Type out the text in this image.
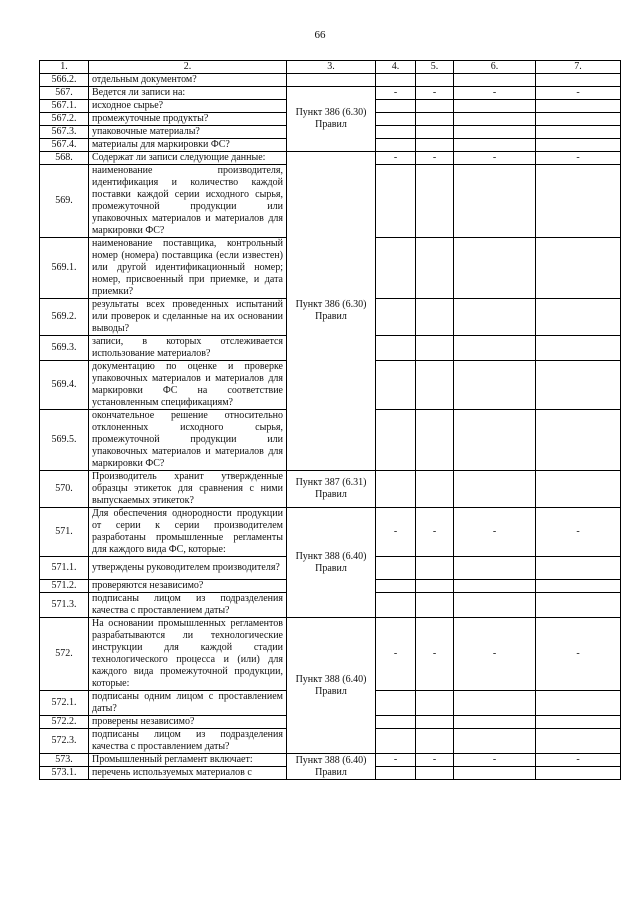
66
1.	2.	3.	4.	5.	6.	7.
566.2.	отдельным документом?					
567.	Ведется ли записи на:	Пункт 386 (6.30) Правил	-	-	-	-
567.1.	исходное сырье?					
567.2.	промежуточные продукты?					
567.3.	упаковочные материалы?					
567.4.	материалы для маркировки ФС?					
568.	Содержат ли записи следующие данные:	Пункт 386 (6.30) Правил	-	-	-	-
569.	наименование производителя, идентификация и количество каждой поставки каждой серии исходного сырья, промежуточной продукции или упаковочных материалов и материалов для маркировки ФС?					
569.1.	наименование поставщика, контрольный номер (номера) поставщика (если известен) или другой идентификационный номер; номер, присвоенный при приемке, и дата приемки?					
569.2.	результаты всех проведенных испытаний или проверок и сделанные на их основании выводы?					
569.3.	записи, в которых отслеживается использование материалов?					
569.4.	документацию по оценке и проверке упаковочных материалов и материалов для маркировки ФС на соответствие установленным спецификациям?					
569.5.	окончательное решение относительно отклоненных исходного сырья, промежуточной продукции или упаковочных материалов и материалов для маркировки ФС?					
570.	Производитель хранит утвержденные образцы этикеток для сравнения с ними выпускаемых этикеток?	Пункт 387 (6.31) Правил				
571.	Для обеспечения однородности продукции от серии к серии производителем разработаны промышленные регламенты для каждого вида ФС, которые:	Пункт 388 (6.40) Правил	-	-	-	-
571.1.	утверждены руководителем производителя?					
571.2.	проверяются независимо?					
571.3.	подписаны лицом из подразделения качества с проставлением даты?					
572.	На основании промышленных регламентов разрабатываются ли технологические инструкции для каждой стадии технологического процесса и (или) для каждого вида промежуточной продукции, которые:	Пункт 388 (6.40) Правил	-	-	-	-
572.1.	подписаны одним лицом с проставлением даты?					
572.2.	проверены независимо?					
572.3.	подписаны лицом из подразделения качества с проставлением даты?					
573.	Промышленный регламент включает:	Пункт 388 (6.40) Правил	-	-	-	-
573.1.	перечень используемых материалов с					
